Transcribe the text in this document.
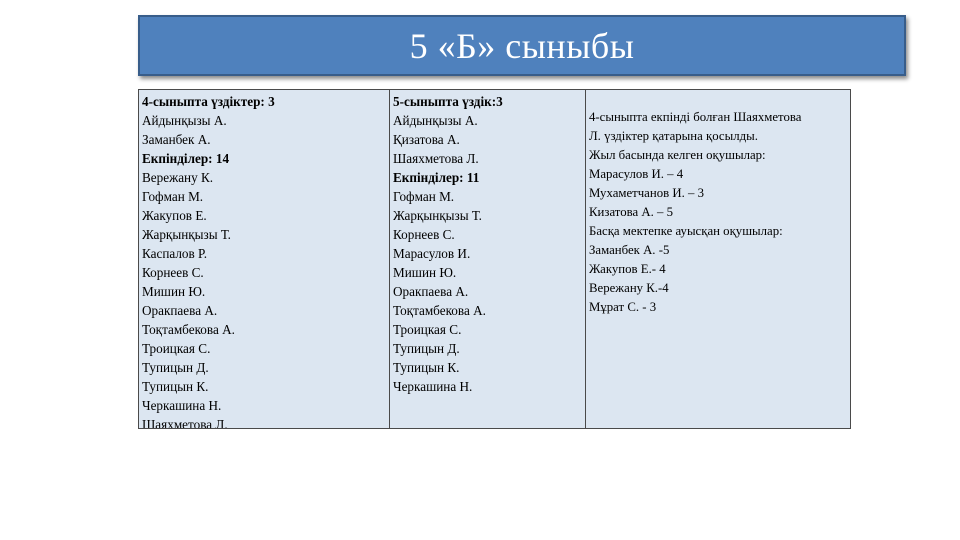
5 «Б» сыныбы
4-сыныпта үздіктер: 3
Айдынқызы А.
Заманбек А.
Екпінділер: 14
Вережану К.
Гофман М.
Жакупов Е.
Жарқынқызы Т.
Каспалов Р.
Корнеев С.
Мишин Ю.
Оракпаева А.
Тоқтамбекова А.
Троицкая С.
Тупицын Д.
Тупицын К.
Черкашина Н.
Шаяхметова Л.
5-сыныпта үздік:3
Айдынқызы А.
Қизатова А.
Шаяхметова Л.
Екпінділер: 11
Гофман М.
Жарқынқызы Т.
Корнеев С.
Марасулов И.
Мишин Ю.
Оракпаева А.
Тоқтамбекова А.
Троицкая С.
Тупицын Д.
Тупицын К.
Черкашина Н.
4-сыныпта екпінді болған Шаяхметова
Л. үздіктер қатарына қосылды.
Жыл басында келген оқушылар:
Марасулов И. – 4
Мухаметчанов И. – 3
Кизатова А. – 5
Басқа мектепке ауысқан оқушылар:
Заманбек А. -5
Жакупов Е.- 4
Вережану К.-4
Мұрат С. - 3
